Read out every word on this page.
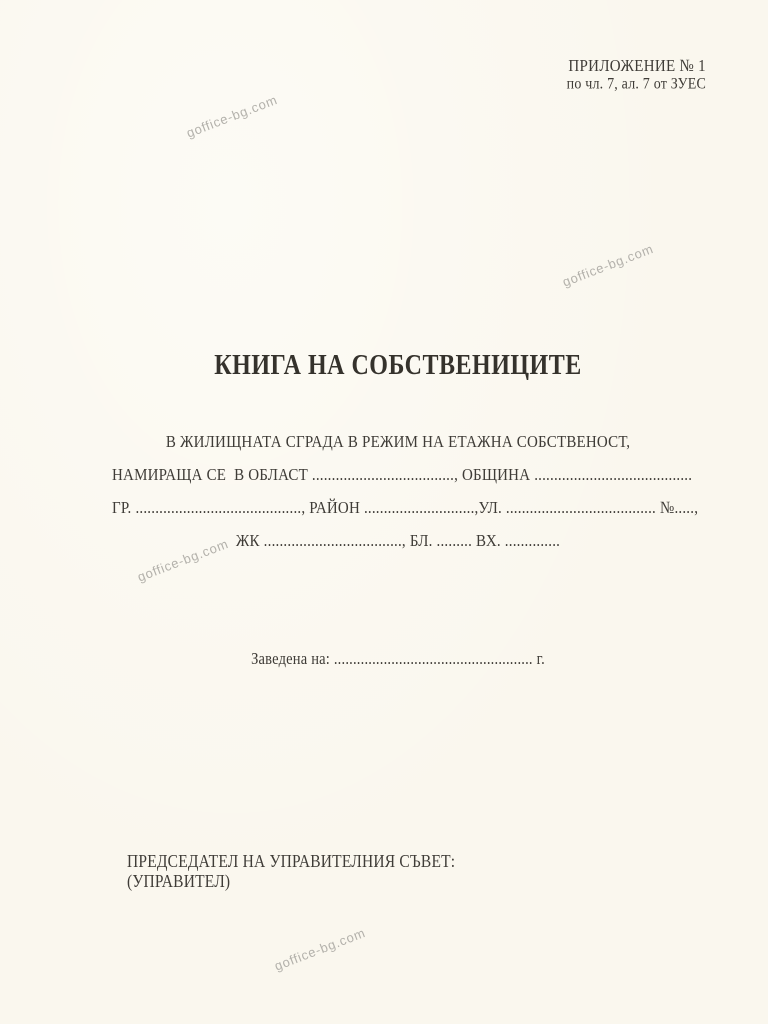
ПРИЛОЖЕНИЕ № 1
по чл. 7, ал. 7 от ЗУЕС
goffice-bg.com
goffice-bg.com
goffice-bg.com
goffice-bg.com
КНИГА НА СОБСТВЕНИЦИТЕ
В ЖИЛИЩНАТА СГРАДА В РЕЖИМ НА ЕТАЖНА СОБСТВЕНОСТ,
НАМИРАЩА СЕ  В ОБЛАСТ ...................................., ОБЩИНА ........................................
ГР. .........................................., РАЙОН ............................,УЛ. ...................................... №.....,
ЖК ..................................., БЛ. ......... ВХ. ..............
Заведена на: .................................................... г.
ПРЕДСЕДАТЕЛ НА УПРАВИТЕЛНИЯ СЪВЕТ:
(УПРАВИТЕЛ)
